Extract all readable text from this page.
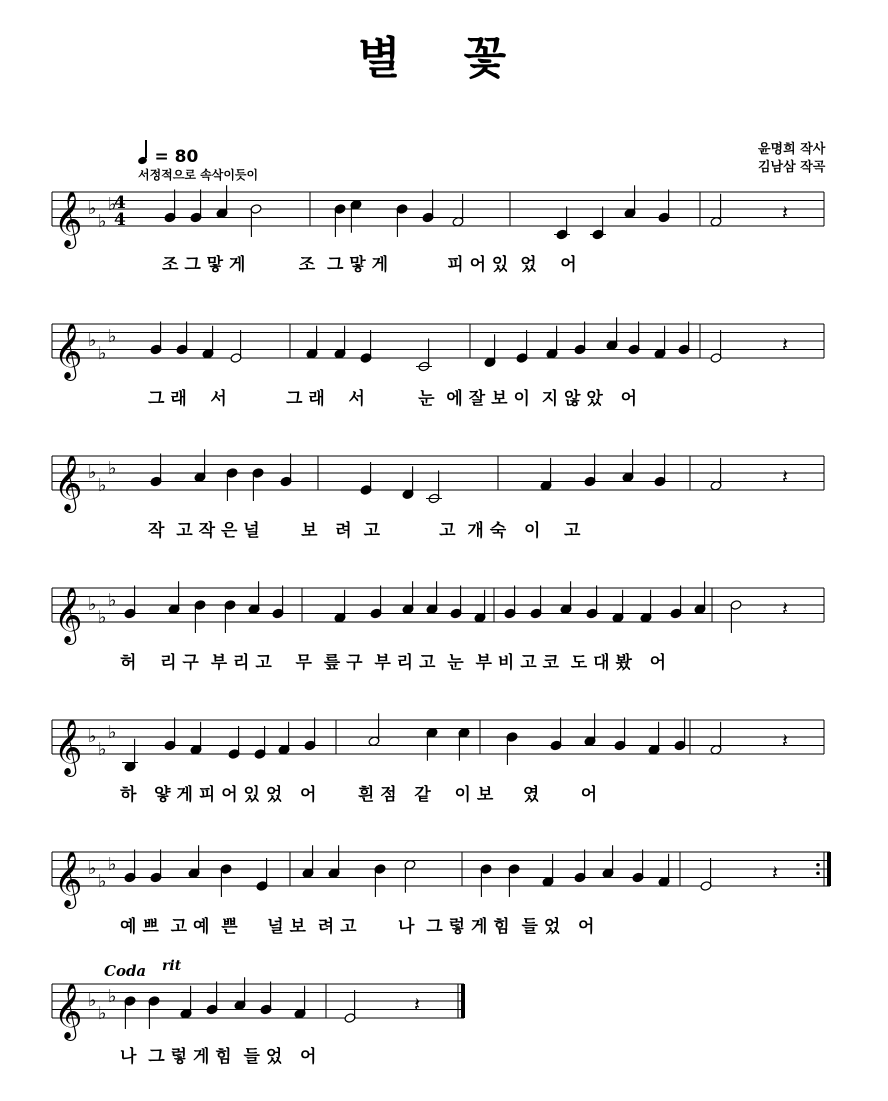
별 꽃
윤명희 작사
김남삼 작곡
= 80
서정적으로 속삭이듯이
Coda rit
𝄞 ♭
♭
♭
4
4	𝄽
𝄞 ♭
♭
♭	𝄽
𝄞 ♭
♭
♭	𝄽
𝄞 ♭
♭
♭	𝄽
𝄞 ♭
♭
♭	𝄽
𝄞 ♭
♭
♭	𝄽
𝄞 ♭
♭
♭	𝄽
조 그 맣 게         조  그 맣 게          피 어 있  었    어
그 래    서          그 래    서         눈  에 잘 보 이  지 않 았   어
작  고 작 은 널       보   려  고          고  개 숙   이    고
허    리 구  부 리 고    무  릎 구  부 리 고  눈  부 비 고 코  도 대 봤   어
하   얗 게 피 어 있 었   어       흰 점   같    이 보     였       어
예 쁘  고 예  쁜     널 보  려 고       나  그 렇 게 힘  들 었   어
나  그 렇 게 힘  들 었   어
